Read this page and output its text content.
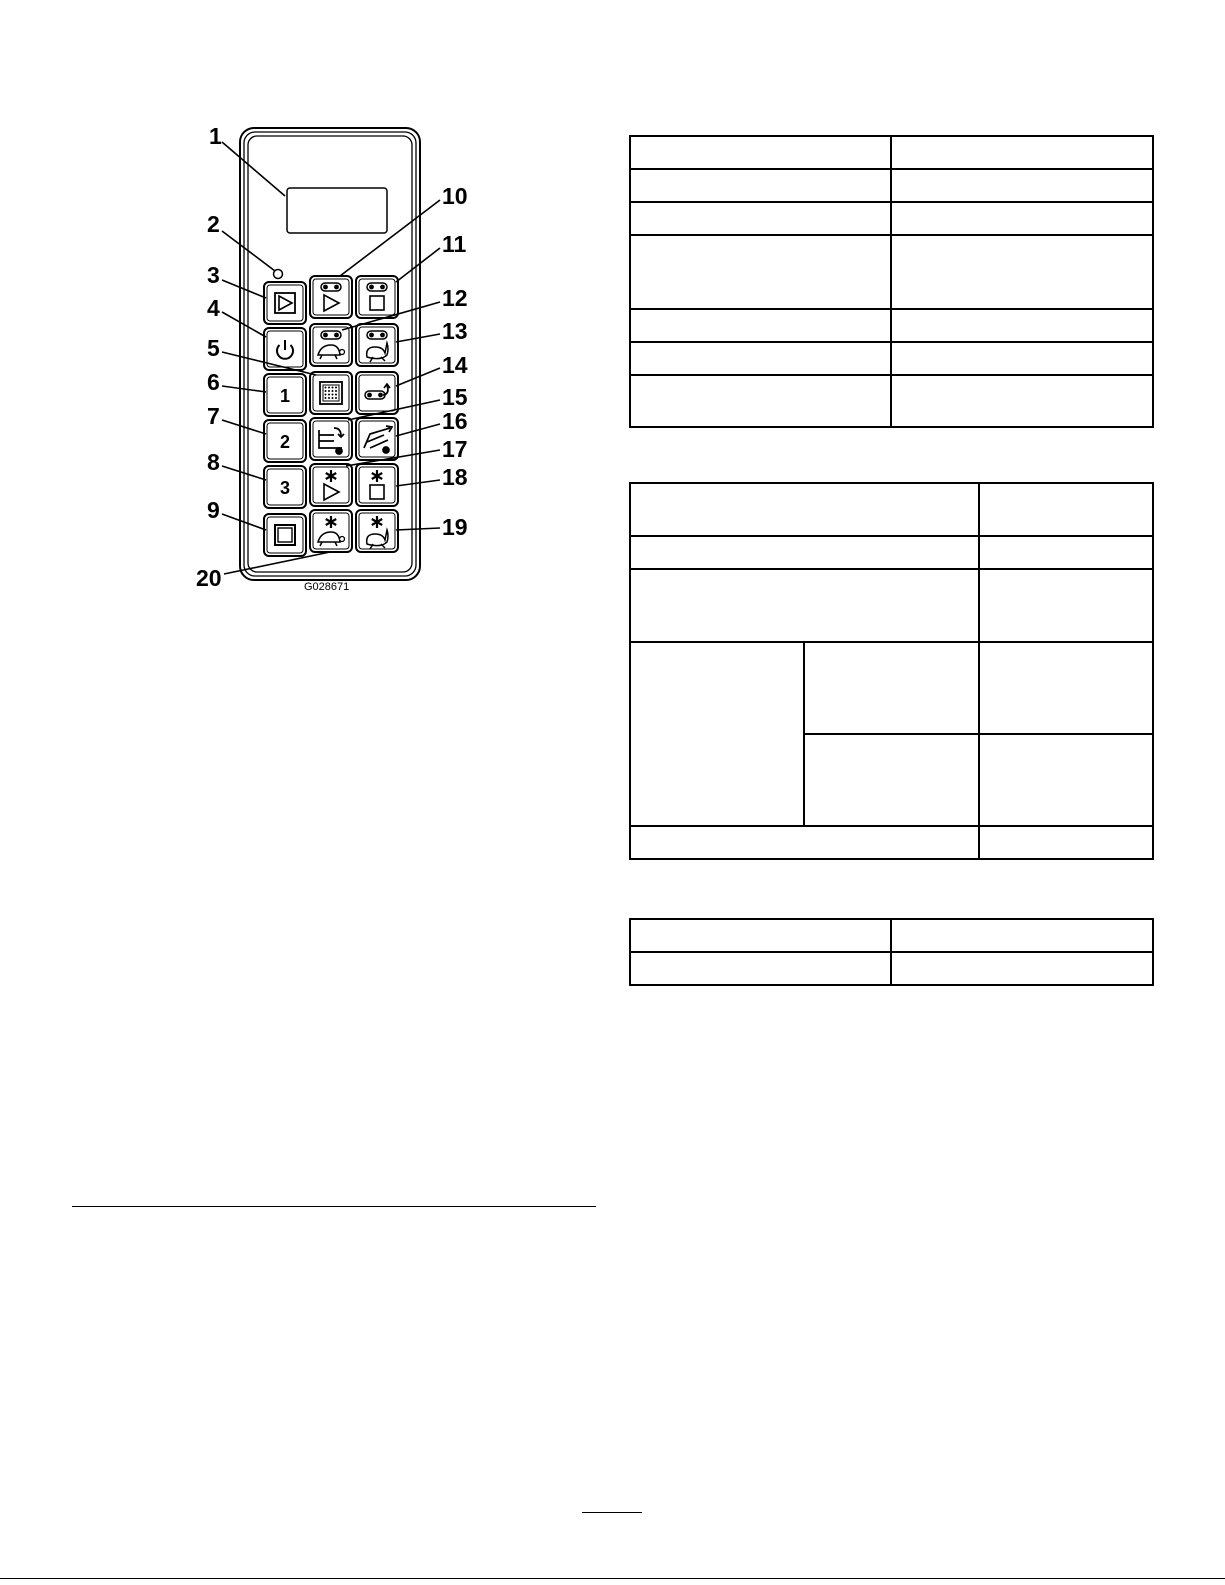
1
2
3
1
2
3
4
5
6
7
8
9
10
11
12
13
14
15
16
17
18
19
20	G028671
